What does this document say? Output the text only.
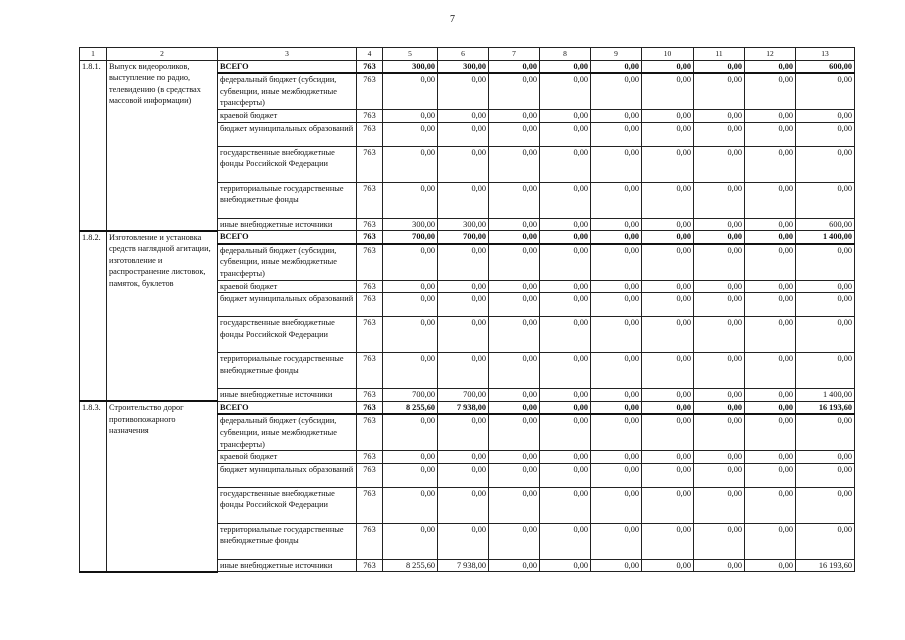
7
1	2	3	4	5	6	7	8	9	10	11	12	13
1.8.1.	Выпуск видеороликов, выступление по радио, телевидению (в средствах массовой информации)	ВСЕГО	763	300,00	300,00	0,00	0,00	0,00	0,00	0,00	0,00	600,00
		федеральный бюджет (субсидии, субвенции, иные межбюджетные трансферты)	763	0,00	0,00	0,00	0,00	0,00	0,00	0,00	0,00	0,00
		краевой бюджет	763	0,00	0,00	0,00	0,00	0,00	0,00	0,00	0,00	0,00
		бюджет муниципальных образований	763	0,00	0,00	0,00	0,00	0,00	0,00	0,00	0,00	0,00
		государственные внебюджетные фонды Российской Федерации	763	0,00	0,00	0,00	0,00	0,00	0,00	0,00	0,00	0,00
		территориальные государственные внебюджетные фонды	763	0,00	0,00	0,00	0,00	0,00	0,00	0,00	0,00	0,00
		иные внебюджетные источники	763	300,00	300,00	0,00	0,00	0,00	0,00	0,00	0,00	600,00
1.8.2.	Изготовление и установка средств наглядной агитации, изготовление и распространение листовок, памяток, буклетов	ВСЕГО	763	700,00	700,00	0,00	0,00	0,00	0,00	0,00	0,00	1 400,00
		федеральный бюджет (субсидии, субвенции, иные межбюджетные трансферты)	763	0,00	0,00	0,00	0,00	0,00	0,00	0,00	0,00	0,00
		краевой бюджет	763	0,00	0,00	0,00	0,00	0,00	0,00	0,00	0,00	0,00
		бюджет муниципальных образований	763	0,00	0,00	0,00	0,00	0,00	0,00	0,00	0,00	0,00
		государственные внебюджетные фонды Российской Федерации	763	0,00	0,00	0,00	0,00	0,00	0,00	0,00	0,00	0,00
		территориальные государственные внебюджетные фонды	763	0,00	0,00	0,00	0,00	0,00	0,00	0,00	0,00	0,00
		иные внебюджетные источники	763	700,00	700,00	0,00	0,00	0,00	0,00	0,00	0,00	1 400,00
1.8.3.	Строительство дорог противопожарного назначения	ВСЕГО	763	8 255,60	7 938,00	0,00	0,00	0,00	0,00	0,00	0,00	16 193,60
		федеральный бюджет (субсидии, субвенции, иные межбюджетные трансферты)	763	0,00	0,00	0,00	0,00	0,00	0,00	0,00	0,00	0,00
		краевой бюджет	763	0,00	0,00	0,00	0,00	0,00	0,00	0,00	0,00	0,00
		бюджет муниципальных образований	763	0,00	0,00	0,00	0,00	0,00	0,00	0,00	0,00	0,00
		государственные внебюджетные фонды Российской Федерации	763	0,00	0,00	0,00	0,00	0,00	0,00	0,00	0,00	0,00
		территориальные государственные внебюджетные фонды	763	0,00	0,00	0,00	0,00	0,00	0,00	0,00	0,00	0,00
		иные внебюджетные источники	763	8 255,60	7 938,00	0,00	0,00	0,00	0,00	0,00	0,00	16 193,60
